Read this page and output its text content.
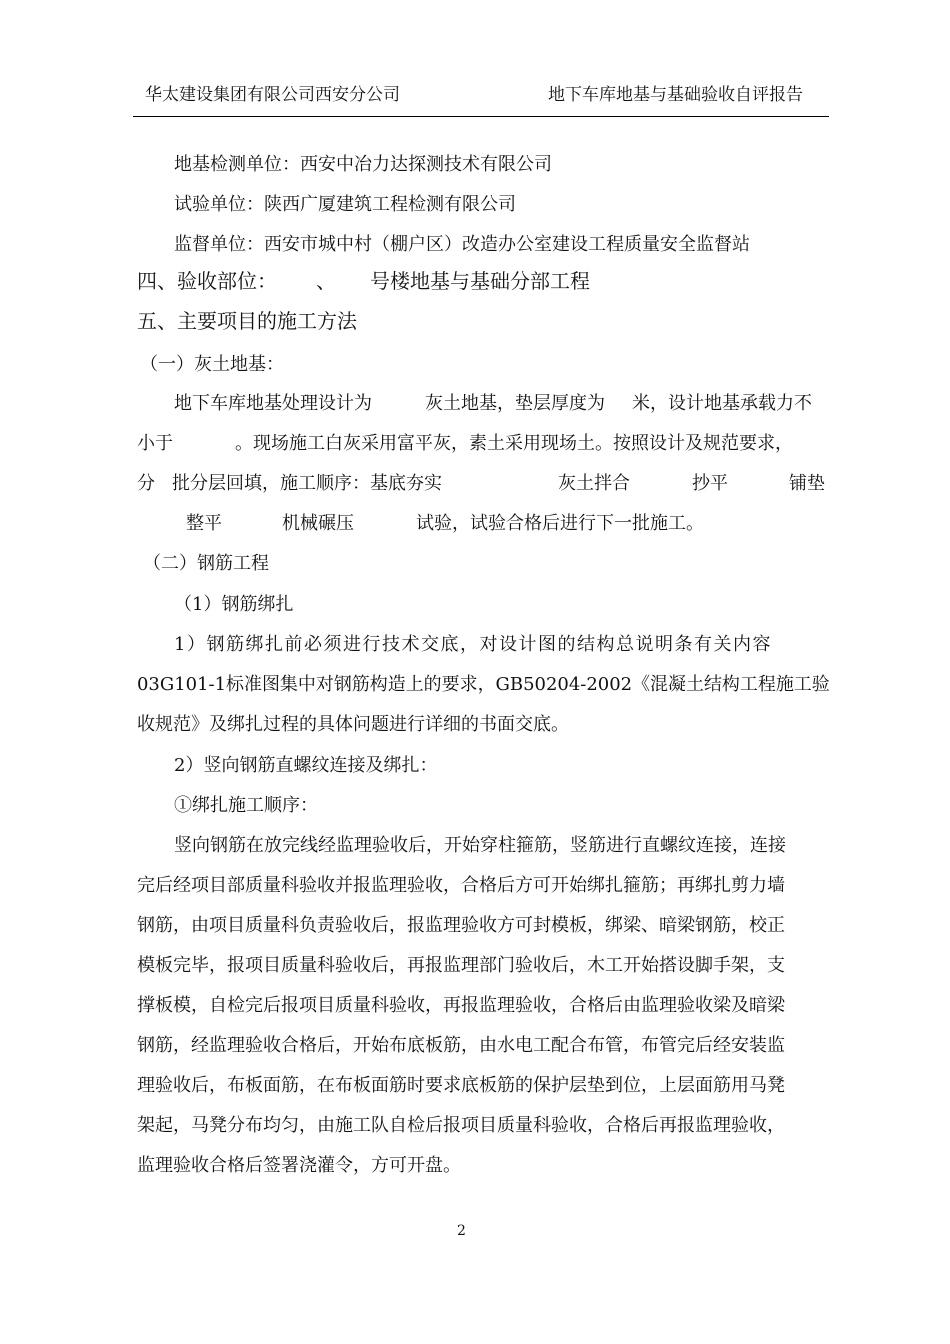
华太建设集团有限公司西安分公司	地下车库地基与基础验收自评报告
地基检测单位：西安中冶力达探测技术有限公司
试验单位：陕西广厦建筑工程检测有限公司
监督单位：西安市城中村（棚户区）改造办公室建设工程质量安全监督站
四、验收部位： 、 号楼地基与基础分部工程
五、主要项目的施工方法
（一）灰土地基：
地下车库地基处理设计为	灰土地基，垫层厚度为 米，设计地基承载力不
小于	。现场施工白灰采用富平灰，素土采用现场土。按照设计及规范要求，
分 批分层回填，施工顺序：基底夯实	灰土拌合	抄平	铺垫
整平	机械碾压	试验，试验合格后进行下一批施工。
（二）钢筋工程
（1）钢筋绑扎
1）钢筋绑扎前必须进行技术交底，对设计图的结构总说明条有关内容
03G101-1标准图集中对钢筋构造上的要求，GB50204-2002《混凝土结构工程施工验
收规范》及绑扎过程的具体问题进行详细的书面交底。
2）竖向钢筋直螺纹连接及绑扎：
①绑扎施工顺序：
竖向钢筋在放完线经监理验收后，开始穿柱箍筋，竖筋进行直螺纹连接，连接
完后经项目部质量科验收并报监理验收，合格后方可开始绑扎箍筋；再绑扎剪力墙
钢筋，由项目质量科负责验收后，报监理验收方可封模板，绑梁、暗梁钢筋，校正
模板完毕，报项目质量科验收后，再报监理部门验收后，木工开始搭设脚手架，支
撑板模，自检完后报项目质量科验收，再报监理验收，合格后由监理验收梁及暗梁
钢筋，经监理验收合格后，开始布底板筋，由水电工配合布管，布管完后经安装监
理验收后，布板面筋，在布板面筋时要求底板筋的保护层垫到位，上层面筋用马凳
架起，马凳分布均匀，由施工队自检后报项目质量科验收，合格后再报监理验收，
监理验收合格后签署浇灌令，方可开盘。
2
